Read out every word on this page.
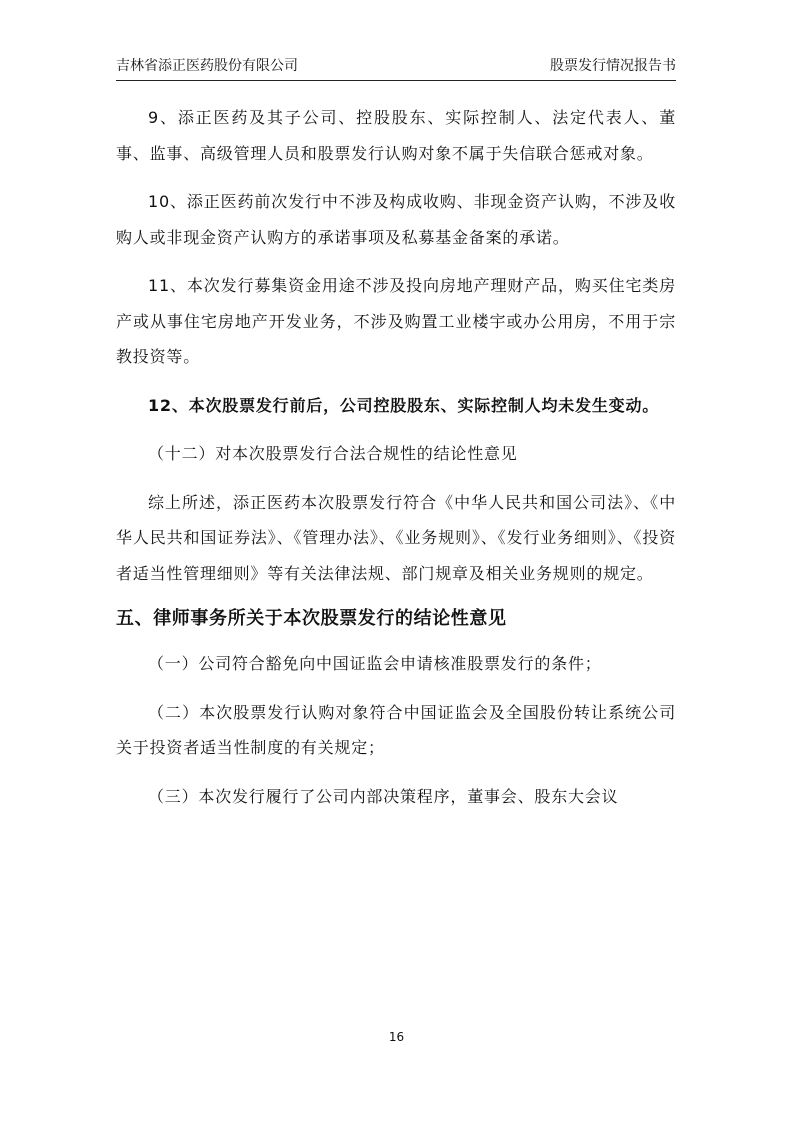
吉林省添正医药股份有限公司	股票发行情况报告书

9、添正医药及其子公司、控股股东、实际控制人、法定代表人、董事、监事、高级管理人员和股票发行认购对象不属于失信联合惩戒对象。

10、添正医药前次发行中不涉及构成收购、非现金资产认购，不涉及收购人或非现金资产认购方的承诺事项及私募基金备案的承诺。

11、本次发行募集资金用途不涉及投向房地产理财产品，购买住宅类房产或从事住宅房地产开发业务，不涉及购置工业楼宇或办公用房，不用于宗教投资等。

12、本次股票发行前后，公司控股股东、实际控制人均未发生变动。

（十二）对本次股票发行合法合规性的结论性意见

综上所述，添正医药本次股票发行符合《中华人民共和国公司法》、《中华人民共和国证券法》、《管理办法》、《业务规则》、《发行业务细则》、《投资者适当性管理细则》等有关法律法规、部门规章及相关业务规则的规定。

五、律师事务所关于本次股票发行的结论性意见

（一）公司符合豁免向中国证监会申请核准股票发行的条件；

（二）本次股票发行认购对象符合中国证监会及全国股份转让系统公司关于投资者适当性制度的有关规定；

（三）本次发行履行了公司内部决策程序，董事会、股东大会议

16
